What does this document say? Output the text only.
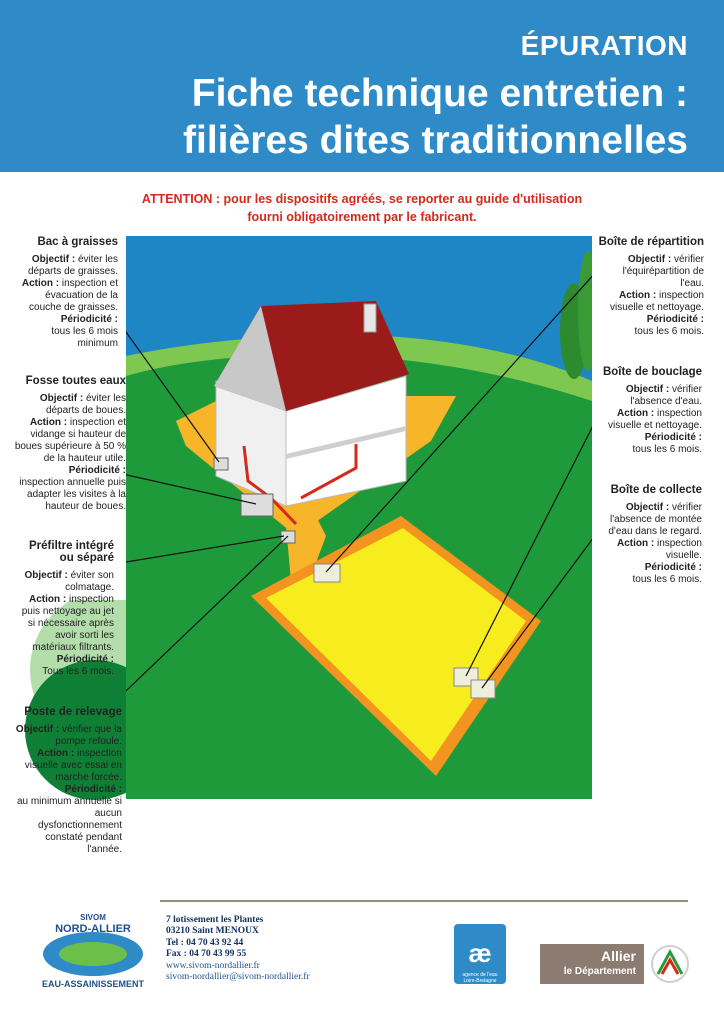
ÉPURATION
Fiche technique entretien :
filières dites traditionnelles
ATTENTION : pour les dispositifs agréés, se reporter au guide d'utilisation
fourni obligatoirement par le fabricant.
Bac à graisses

Objectif : éviter les départs de graisses.

Action : inspection et évacuation de la couche de graisses.

Périodicité :

tous les 6 mois minimum

Fosse toutes eaux

Objectif : éviter les départs de boues.

Action : inspection et vidange si hauteur de boues supérieure à 50 % de la hauteur utile.

Périodicité :

inspection annuelle puis adapter les visites à la hauteur de boues.

Préfiltre intégré
ou séparé

Objectif : éviter son colmatage.

Action : inspection puis nettoyage au jet si nécessaire après avoir sorti les matériaux filtrants.

Périodicité :

Tous les 6 mois.

Poste de relevage

Objectif : vérifier que la pompe refoule.

Action : inspection visuelle avec essai en marche forcée.

Périodicité :

au minimum annuelle si aucun dysfonctionnement constaté pendant l'année.

Boîte de répartition

Objectif : vérifier l'équirépartition de l'eau.

Action : inspection visuelle et nettoyage.

Périodicité :

tous les 6 mois.

Boîte de bouclage

Objectif : vérifier l'absence d'eau.

Action : inspection visuelle et nettoyage.

Périodicité :

tous les 6 mois.

Boîte de collecte

Objectif : vérifier l'absence de montée d'eau dans le regard.

Action : inspection visuelle.

Périodicité :

tous les 6 mois.

SIVOM
NORD-ALLIER
EAU-ASSAINISSEMENT
7 lotissement les Plantes
03210 Saint MENOUX
Tel : 04 70 43 92 44
Fax : 04 70 43 99 55
www.sivom-nordallier.fr
sivom-nordallier@sivom-nordallier.fr
æ
agence de l'eau
Loire-Bretagne
Allier
le Département
